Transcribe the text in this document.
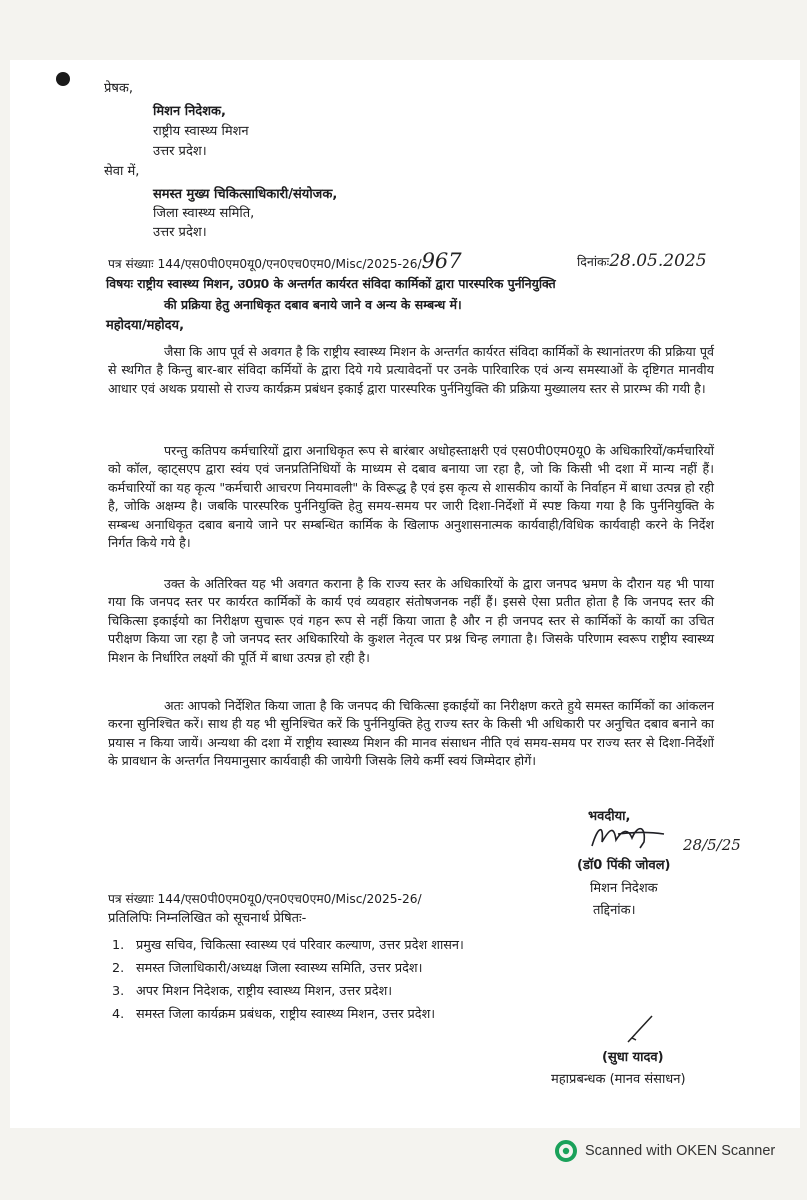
प्रेषक,
मिशन निदेशक,
राष्ट्रीय स्वास्थ्य मिशन
उत्तर प्रदेश।
सेवा में,
समस्त मुख्य चिकित्साधिकारी/संयोजक,
जिला स्वास्थ्य समिति,
उत्तर प्रदेश।
पत्र संख्याः 144/एस0पी0एम0यू0/एन0एच0एम0/Misc/2025-26/967	दिनांकः28.05.2025
विषयः राष्ट्रीय स्वास्थ्य मिशन, उ0प्र0 के अन्तर्गत कार्यरत संविदा कार्मिकों द्वारा पारस्परिक पुर्ननियुक्ति
की प्रक्रिया हेतु अनाधिकृत दबाव बनाये जाने व अन्य के सम्बन्ध में।
महोदया/महोदय,
जैसा कि आप पूर्व से अवगत है कि राष्ट्रीय स्वास्थ्य मिशन के अन्तर्गत कार्यरत संविदा कार्मिकों के स्थानांतरण की प्रक्रिया पूर्व से स्थगित है किन्तु बार-बार संविदा कर्मियों के द्वारा दिये गये प्रत्यावेदनों पर उनके पारिवारिक एवं अन्य समस्याओं के दृष्टिगत मानवीय आधार एवं अथक प्रयासो से राज्य कार्यक्रम प्रबंधन इकाई द्वारा पारस्परिक पुर्ननियुक्ति की प्रक्रिया मुख्यालय स्तर से प्रारम्भ की गयी है।
परन्तु कतिपय कर्मचारियों द्वारा अनाधिकृत रूप से बारंबार अधोहस्ताक्षरी एवं एस0पी0एम0यू0 के अधिकारियों/कर्मचारियों को कॉल, व्हाट्सएप द्वारा स्वंय एवं जनप्रतिनिधियों के माध्यम से दबाव बनाया जा रहा है, जो कि किसी भी दशा में मान्य नहीं हैं। कर्मचारियों का यह कृत्य "कर्मचारी आचरण नियमावली" के विरूद्ध है एवं इस कृत्य से शासकीय कार्यो के निर्वाहन में बाधा उत्पन्न हो रही है, जोकि अक्षम्य है। जबकि पारस्परिक पुर्ननियुक्ति हेतु समय-समय पर जारी दिशा-निर्देशों में स्पष्ट किया गया है कि पुर्ननियुक्ति के सम्बन्ध अनाधिकृत दबाव बनाये जाने पर सम्बन्धित कार्मिक के खिलाफ अनुशासनात्मक कार्यवाही/विधिक कार्यवाही करने के निर्देश निर्गत किये गये है।
उक्त के अतिरिक्त यह भी अवगत कराना है कि राज्य स्तर के अधिकारियों के द्वारा जनपद भ्रमण के दौरान यह भी पाया गया कि जनपद स्तर पर कार्यरत कार्मिकों के कार्य एवं व्यवहार संतोषजनक नहीं हैं। इससे ऐसा प्रतीत होता है कि जनपद स्तर की चिकित्सा इकाईयो का निरीक्षण सुचारू एवं गहन रूप से नहीं किया जाता है और न ही जनपद स्तर से कार्मिकों के कार्यो का उचित परीक्षण किया जा रहा है जो जनपद स्तर अधिकारियो के कुशल नेतृत्व पर प्रश्न चिन्ह लगाता है। जिसके परिणाम स्वरूप राष्ट्रीय स्वास्थ्य मिशन के निर्धारित लक्ष्यों की पूर्ति में बाधा उत्पन्न हो रही है।
अतः आपको निर्देशित किया जाता है कि जनपद की चिकित्सा इकाईयों का निरीक्षण करते हुये समस्त कार्मिकों का आंकलन करना सुनिश्चित करें। साथ ही यह भी सुनिश्चित करें कि पुर्ननियुक्ति हेतु राज्य स्तर के किसी भी अधिकारी पर अनुचित दबाव बनाने का प्रयास न किया जायें। अन्यथा की दशा में राष्ट्रीय स्वास्थ्य मिशन की मानव संसाधन नीति एवं समय-समय पर राज्य स्तर से दिशा-निर्देशों के प्रावधान के अन्तर्गत नियमानुसार कार्यवाही की जायेगी जिसके लिये कर्मी स्वयं जिम्मेदार होगें।
भवदीया,
28/5/25
(डॉ0 पिंकी जोवल)
मिशन निदेशक
तद्दिनांक।
पत्र संख्याः 144/एस0पी0एम0यू0/एन0एच0एम0/Misc/2025-26/
प्रतिलिपिः निम्नलिखित को सूचनार्थ प्रेषितः-
1. प्रमुख सचिव, चिकित्सा स्वास्थ्य एवं परिवार कल्याण, उत्तर प्रदेश शासन।
2. समस्त जिलाधिकारी/अध्यक्ष जिला स्वास्थ्य समिति, उत्तर प्रदेश।
3. अपर मिशन निदेशक, राष्ट्रीय स्वास्थ्य मिशन, उत्तर प्रदेश।
4. समस्त जिला कार्यक्रम प्रबंधक, राष्ट्रीय स्वास्थ्य मिशन, उत्तर प्रदेश।
(सुधा यादव)
महाप्रबन्धक (मानव संसाधन)
Scanned with OKEN Scanner
